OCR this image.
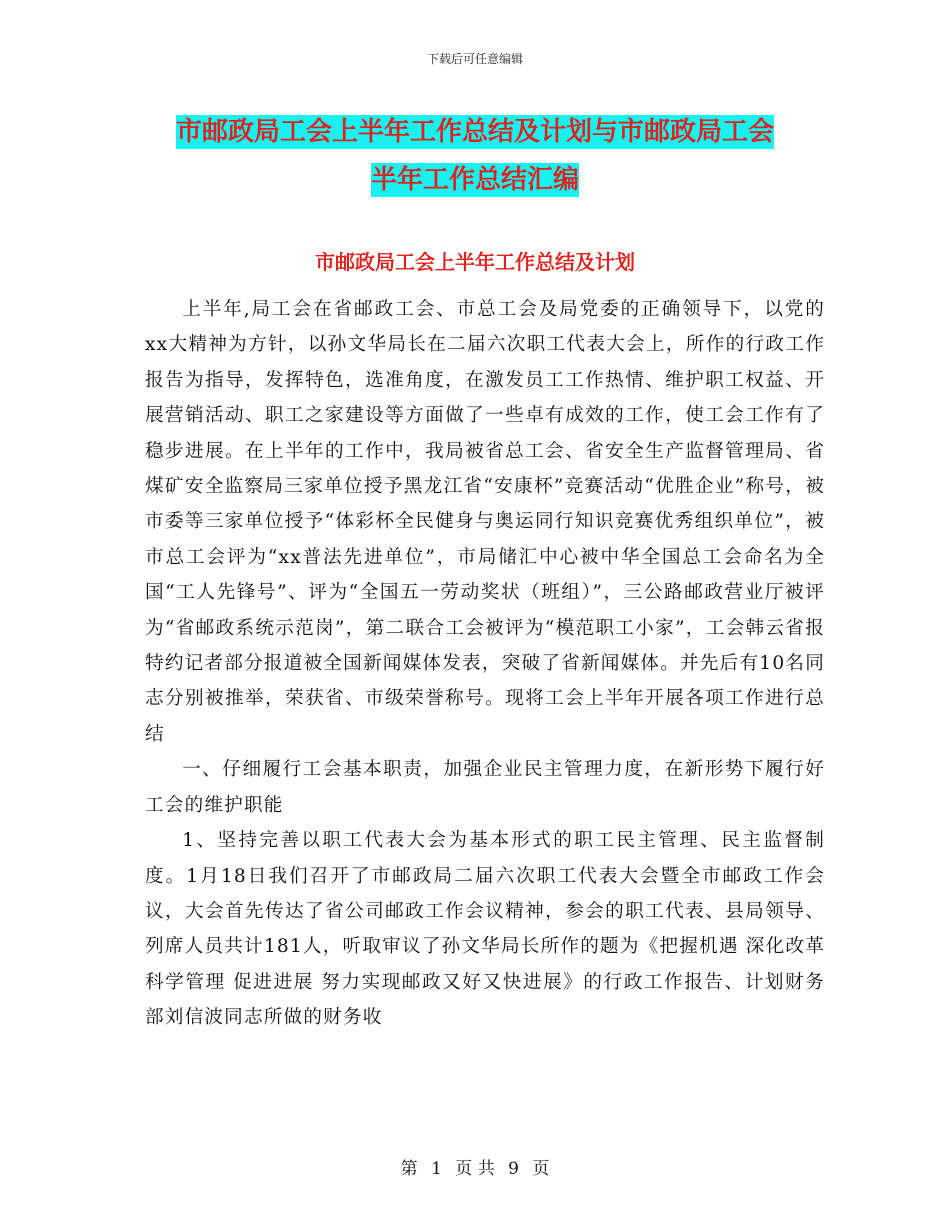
下载后可任意编辑
市邮政局工会上半年工作总结及计划与市邮政局工会
半年工作总结汇编
市邮政局工会上半年工作总结及计划

上半年,局工会在省邮政工会、市总工会及局党委的正确领导下，以党的xx大精神为方针，以孙文华局长在二届六次职工代表大会上，所作的行政工作报告为指导，发挥特色，选准角度，在激发员工工作热情、维护职工权益、开展营销活动、职工之家建设等方面做了一些卓有成效的工作，使工会工作有了稳步进展。在上半年的工作中，我局被省总工会、省安全生产监督管理局、省煤矿安全监察局三家单位授予黑龙江省“安康杯”竞赛活动“优胜企业”称号，被市委等三家单位授予“体彩杯全民健身与奥运同行知识竞赛优秀组织单位”，被市总工会评为“xx普法先进单位”，市局储汇中心被中华全国总工会命名为全国“工人先锋号”、评为“全国五一劳动奖状（班组）”，三公路邮政营业厅被评为“省邮政系统示范岗”，第二联合工会被评为“模范职工小家”，工会韩云省报特约记者部分报道被全国新闻媒体发表，突破了省新闻媒体。并先后有10名同志分别被推举，荣获省、市级荣誉称号。现将工会上半年开展各项工作进行总结

一、仔细履行工会基本职责，加强企业民主管理力度，在新形势下履行好工会的维护职能

1、坚持完善以职工代表大会为基本形式的职工民主管理、民主监督制度。1月18日我们召开了市邮政局二届六次职工代表大会暨全市邮政工作会议，大会首先传达了省公司邮政工作会议精神，参会的职工代表、县局领导、列席人员共计181人，听取审议了孙文华局长所作的题为《把握机遇 深化改革 科学管理 促进进展 努力实现邮政又好又快进展》的行政工作报告、计划财务部刘信波同志所做的财务收

第 1 页 共 9 页
